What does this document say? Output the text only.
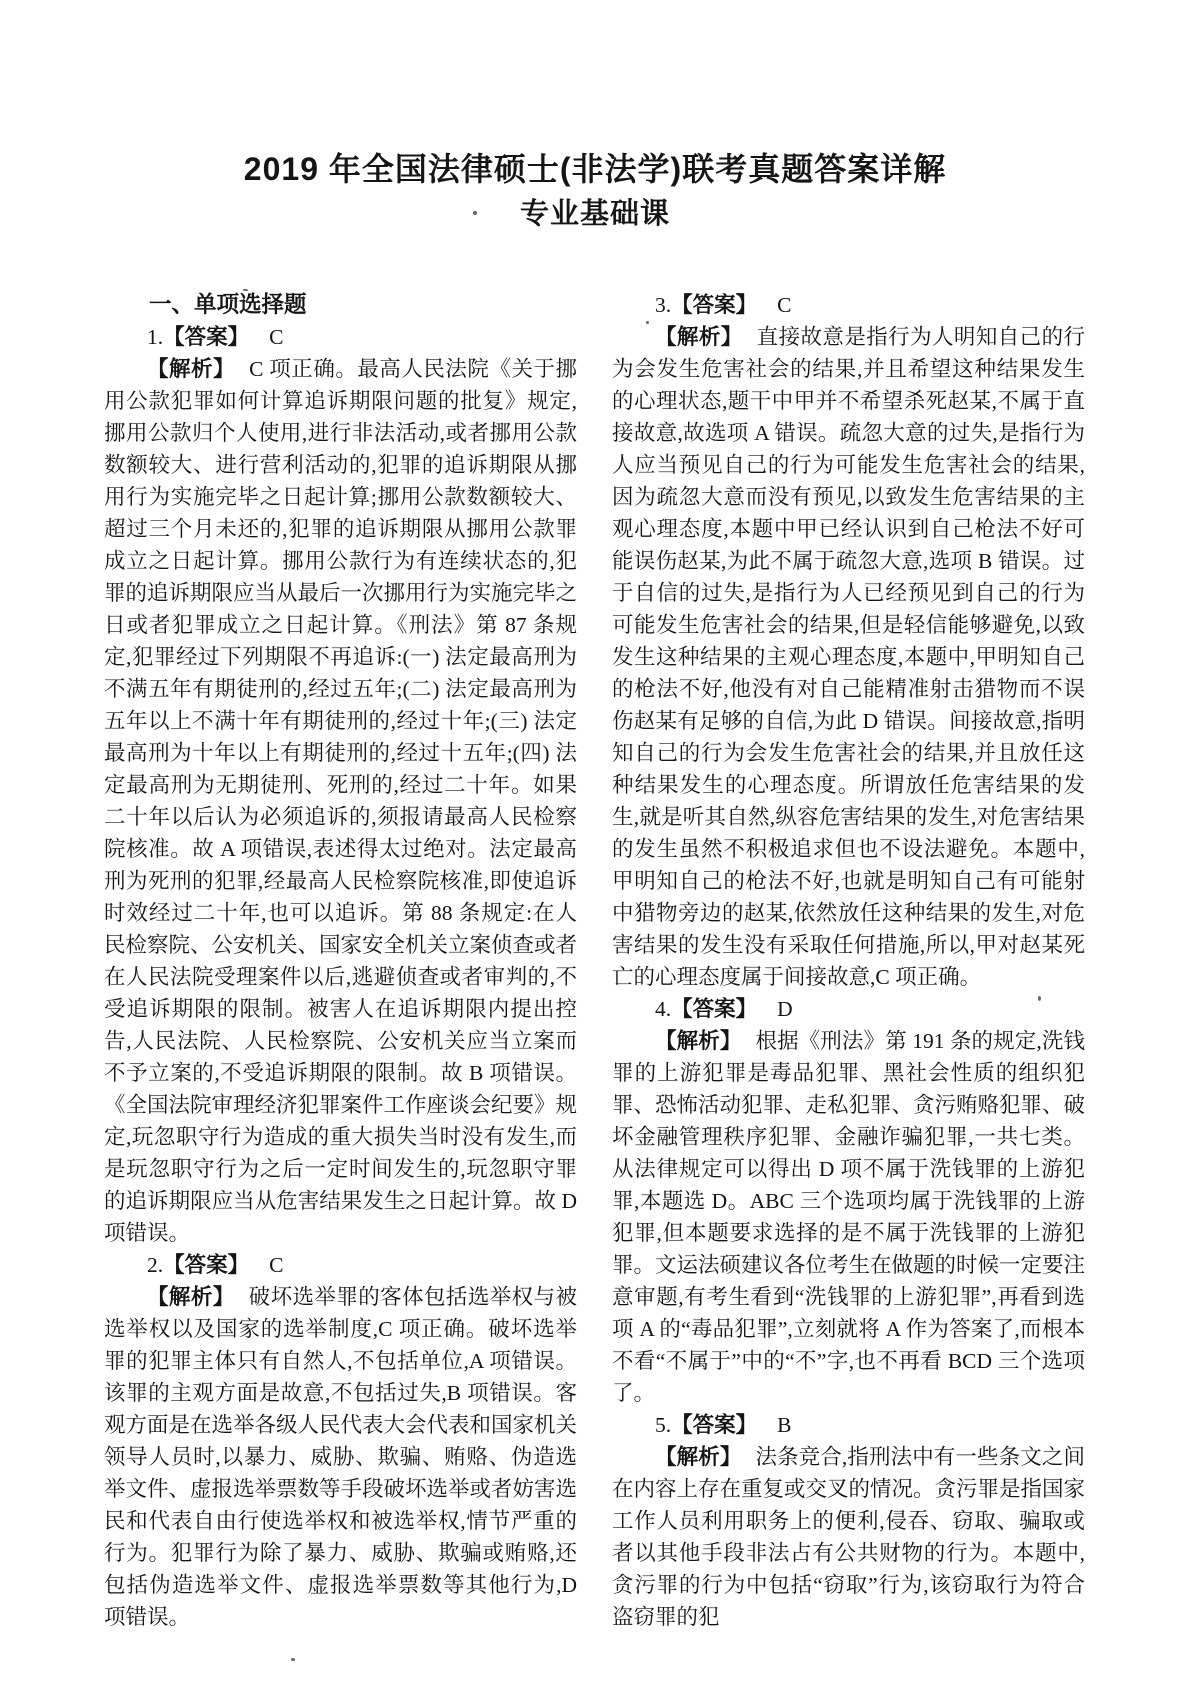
2019 年全国法律硕士(非法学)联考真题答案详解
专业基础课

一、单项选择题

1.【答案】 C

【解析】 C 项正确。最高人民法院《关于挪用公款犯罪如何计算追诉期限问题的批复》规定,挪用公款归个人使用,进行非法活动,或者挪用公款数额较大、进行营利活动的,犯罪的追诉期限从挪用行为实施完毕之日起计算;挪用公款数额较大、超过三个月未还的,犯罪的追诉期限从挪用公款罪成立之日起计算。挪用公款行为有连续状态的,犯罪的追诉期限应当从最后一次挪用行为实施完毕之日或者犯罪成立之日起计算。《刑法》第 87 条规定,犯罪经过下列期限不再追诉:(一) 法定最高刑为不满五年有期徒刑的,经过五年;(二) 法定最高刑为五年以上不满十年有期徒刑的,经过十年;(三) 法定最高刑为十年以上有期徒刑的,经过十五年;(四) 法定最高刑为无期徒刑、死刑的,经过二十年。如果二十年以后认为必须追诉的,须报请最高人民检察院核准。故 A 项错误,表述得太过绝对。法定最高刑为死刑的犯罪,经最高人民检察院核准,即使追诉时效经过二十年,也可以追诉。第 88 条规定:在人民检察院、公安机关、国家安全机关立案侦查或者在人民法院受理案件以后,逃避侦查或者审判的,不受追诉期限的限制。被害人在追诉期限内提出控告,人民法院、人民检察院、公安机关应当立案而不予立案的,不受追诉期限的限制。故 B 项错误。《全国法院审理经济犯罪案件工作座谈会纪要》规定,玩忽职守行为造成的重大损失当时没有发生,而是玩忽职守行为之后一定时间发生的,玩忽职守罪的追诉期限应当从危害结果发生之日起计算。故 D 项错误。

2.【答案】 C

【解析】 破坏选举罪的客体包括选举权与被选举权以及国家的选举制度,C 项正确。破坏选举罪的犯罪主体只有自然人,不包括单位,A 项错误。该罪的主观方面是故意,不包括过失,B 项错误。客观方面是在选举各级人民代表大会代表和国家机关领导人员时,以暴力、威胁、欺骗、贿赂、伪造选举文件、虚报选举票数等手段破坏选举或者妨害选民和代表自由行使选举权和被选举权,情节严重的行为。犯罪行为除了暴力、威胁、欺骗或贿赂,还包括伪造选举文件、虚报选举票数等其他行为,D 项错误。

3.【答案】 C

【解析】 直接故意是指行为人明知自己的行为会发生危害社会的结果,并且希望这种结果发生的心理状态,题干中甲并不希望杀死赵某,不属于直接故意,故选项 A 错误。疏忽大意的过失,是指行为人应当预见自己的行为可能发生危害社会的结果,因为疏忽大意而没有预见,以致发生危害结果的主观心理态度,本题中甲已经认识到自己枪法不好可能误伤赵某,为此不属于疏忽大意,选项 B 错误。过于自信的过失,是指行为人已经预见到自己的行为可能发生危害社会的结果,但是轻信能够避免,以致发生这种结果的主观心理态度,本题中,甲明知自己的枪法不好,他没有对自己能精准射击猎物而不误伤赵某有足够的自信,为此 D 错误。间接故意,指明知自己的行为会发生危害社会的结果,并且放任这种结果发生的心理态度。所谓放任危害结果的发生,就是听其自然,纵容危害结果的发生,对危害结果的发生虽然不积极追求但也不设法避免。本题中,甲明知自己的枪法不好,也就是明知自己有可能射中猎物旁边的赵某,依然放任这种结果的发生,对危害结果的发生没有采取任何措施,所以,甲对赵某死亡的心理态度属于间接故意,C 项正确。

4.【答案】 D

【解析】 根据《刑法》第 191 条的规定,洗钱罪的上游犯罪是毒品犯罪、黑社会性质的组织犯罪、恐怖活动犯罪、走私犯罪、贪污贿赂犯罪、破坏金融管理秩序犯罪、金融诈骗犯罪,一共七类。从法律规定可以得出 D 项不属于洗钱罪的上游犯罪,本题选 D。ABC 三个选项均属于洗钱罪的上游犯罪,但本题要求选择的是不属于洗钱罪的上游犯罪。文运法硕建议各位考生在做题的时候一定要注意审题,有考生看到“洗钱罪的上游犯罪”,再看到选项 A 的“毒品犯罪”,立刻就将 A 作为答案了,而根本不看“不属于”中的“不”字,也不再看 BCD 三个选项了。

5.【答案】 B

【解析】 法条竞合,指刑法中有一些条文之间在内容上存在重复或交叉的情况。贪污罪是指国家工作人员利用职务上的便利,侵吞、窃取、骗取或者以其他手段非法占有公共财物的行为。本题中,贪污罪的行为中包括“窃取”行为,该窃取行为符合盗窃罪的犯
